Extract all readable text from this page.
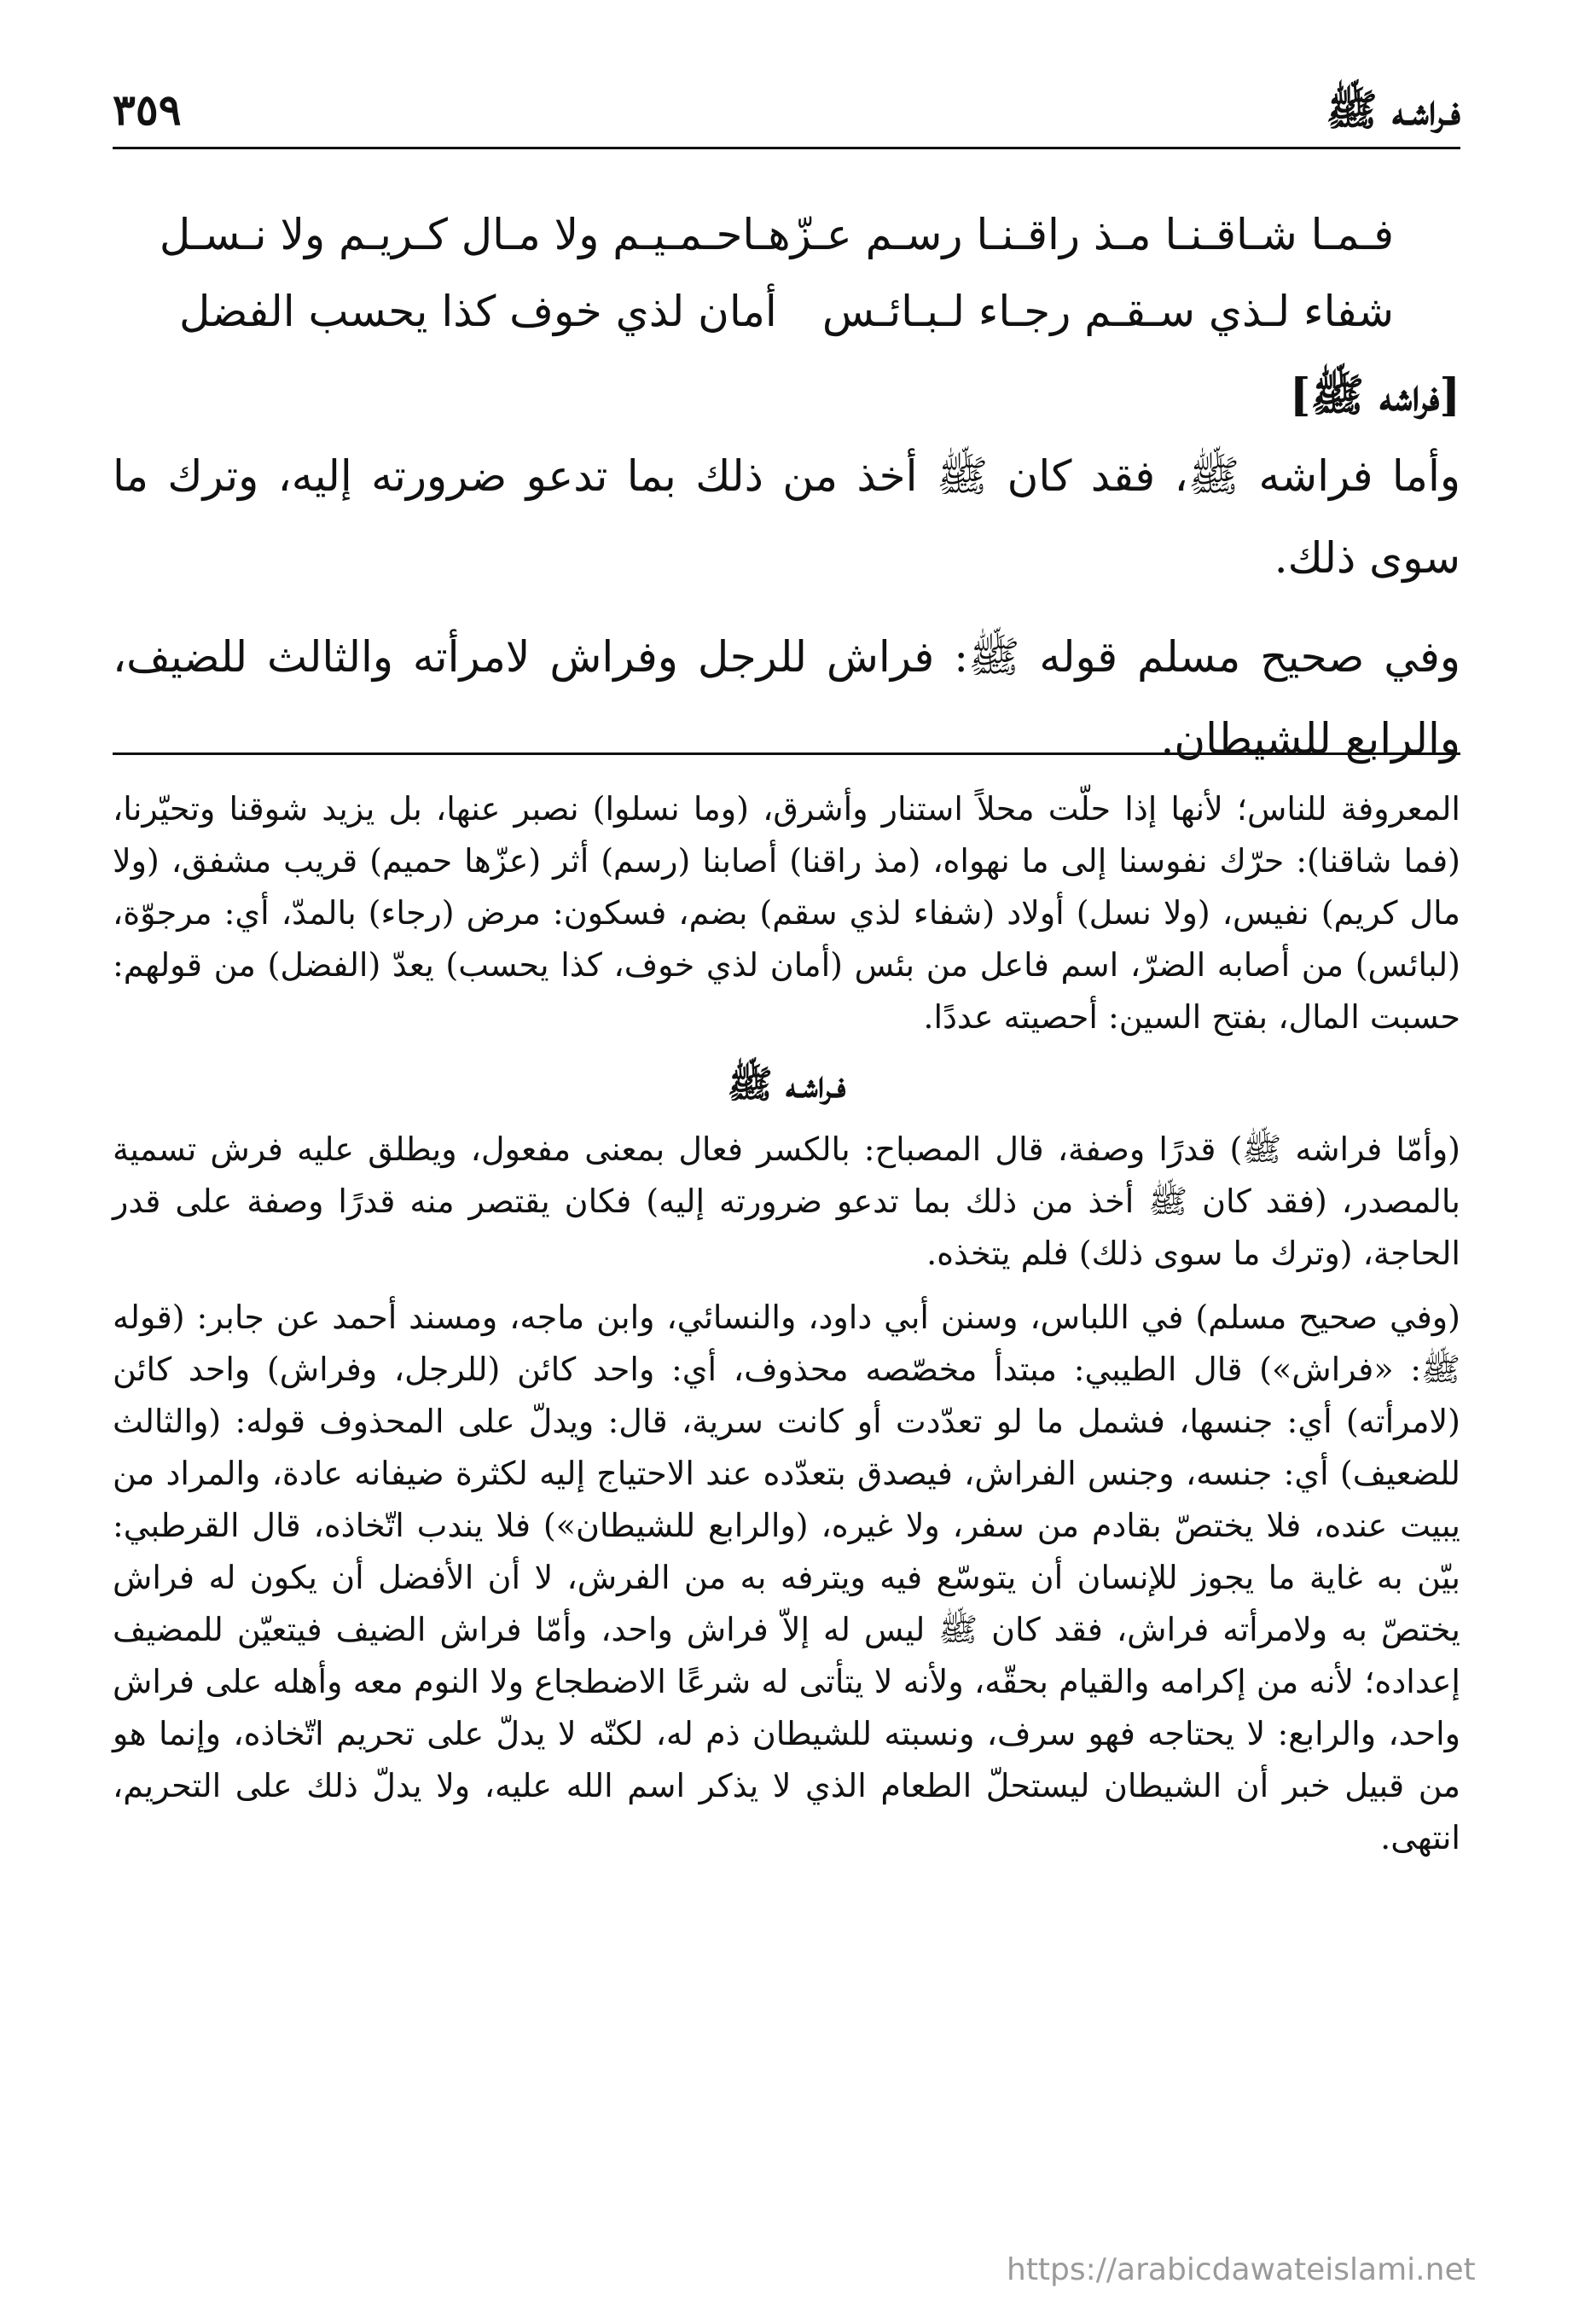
فـراشـه ﷺ
٣٥٩
فـمـا شـاقـنـا مـذ راقـنـا رسـم عـزّهـا
حـمـيـم ولا مـال كـريـم ولا نـسـل
شفاء لـذي سـقـم رجـاء لـبـائـس
أمان لذي خوف كذا يحسب الفضل
[فراشه ﷺ]

وأما فراشه ﷺ، فقد كان ﷺ أخذ من ذلك بما تدعو ضرورته إليه، وترك ما سوى ذلك.

وفي صحيح مسلم قوله ﷺ: فراش للرجل وفراش لامرأته والثالث للضيف، والرابع للشيطان.

المعروفة للناس؛ لأنها إذا حلّت محلاً استنار وأشرق، (وما نسلوا) نصبر عنها، بل يزيد شوقنا وتحيّرنا، (فما شاقنا): حرّك نفوسنا إلى ما نهواه، (مذ راقنا) أصابنا (رسم) أثر (عزّها حميم) قريب مشفق، (ولا مال كريم) نفيس، (ولا نسل) أولاد (شفاء لذي سقم) بضم، فسكون: مرض (رجاء) بالمدّ، أي: مرجوّة، (لبائس) من أصابه الضرّ، اسم فاعل من بئس (أمان لذي خوف، كذا يحسب) يعدّ (الفضل) من قولهم: حسبت المال، بفتح السين: أحصيته عددًا.

فـراشـه ﷺ

(وأمّا فراشه ﷺ) قدرًا وصفة، قال المصباح: بالكسر فعال بمعنى مفعول، ويطلق عليه فرش تسمية بالمصدر، (فقد كان ﷺ أخذ من ذلك بما تدعو ضرورته إليه) فكان يقتصر منه قدرًا وصفة على قدر الحاجة، (وترك ما سوى ذلك) فلم يتخذه.

(وفي صحيح مسلم) في اللباس، وسنن أبي داود، والنسائي، وابن ماجه، ومسند أحمد عن جابر: (قوله ﷺ: «فراش») قال الطيبي: مبتدأ مخصّصه محذوف، أي: واحد كائن (للرجل، وفراش) واحد كائن (لامرأته) أي: جنسها، فشمل ما لو تعدّدت أو كانت سرية، قال: ويدلّ على المحذوف قوله: (والثالث للضعيف) أي: جنسه، وجنس الفراش، فيصدق بتعدّده عند الاحتياج إليه لكثرة ضيفانه عادة، والمراد من يبيت عنده، فلا يختصّ بقادم من سفر، ولا غيره، (والرابع للشيطان») فلا يندب اتّخاذه، قال القرطبي: بيّن به غاية ما يجوز للإنسان أن يتوسّع فيه ويترفه به من الفرش، لا أن الأفضل أن يكون له فراش يختصّ به ولامرأته فراش، فقد كان ﷺ ليس له إلاّ فراش واحد، وأمّا فراش الضيف فيتعيّن للمضيف إعداده؛ لأنه من إكرامه والقيام بحقّه، ولأنه لا يتأتى له شرعًا الاضطجاع ولا النوم معه وأهله على فراش واحد، والرابع: لا يحتاجه فهو سرف، ونسبته للشيطان ذم له، لكنّه لا يدلّ على تحريم اتّخاذه، وإنما هو من قبيل خبر أن الشيطان ليستحلّ الطعام الذي لا يذكر اسم الله عليه، ولا يدلّ ذلك على التحريم، انتهى.

https://arabicdawateislami.net
